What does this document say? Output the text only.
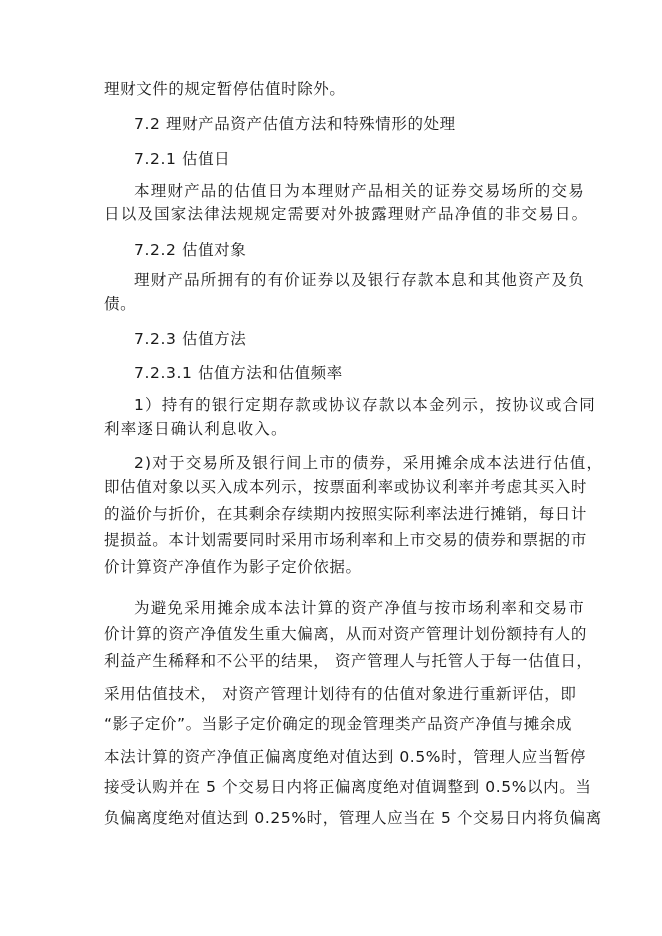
理财文件的规定暂停估值时除外。
7.2 理财产品资产估值方法和特殊情形的处理
7.2.1 估值日
本理财产品的估值日为本理财产品相关的证券交易场所的交易
日以及国家法律法规规定需要对外披露理财产品净值的非交易日。
7.2.2 估值对象
理财产品所拥有的有价证券以及银行存款本息和其他资产及负
债。
7.2.3 估值方法
7.2.3.1 估值方法和估值频率
1）持有的银行定期存款或协议存款以本金列示，按协议或合同
利率逐日确认利息收入。
2)对于交易所及银行间上市的债券，采用摊余成本法进行估值，
即估值对象以买入成本列示，按票面利率或协议利率并考虑其买入时
的溢价与折价，在其剩余存续期内按照实际利率法进行摊销，每日计
提损益。本计划需要同时采用市场利率和上市交易的债券和票据的市
价计算资产净值作为影子定价依据。
为避免采用摊余成本法计算的资产净值与按市场利率和交易市
价计算的资产净值发生重大偏离，从而对资产管理计划份额持有人的
利益产生稀释和不公平的结果， 资产管理人与托管人于每一估值日，
采用估值技术， 对资产管理计划待有的估值对象进行重新评估，即
“影子定价”。当影子定价确定的现金管理类产品资产净值与摊余成
本法计算的资产净值正偏离度绝对值达到 0.5%时，管理人应当暂停
接受认购并在 5 个交易日内将正偏离度绝对值调整到 0.5%以内。当
负偏离度绝对值达到 0.25%时，管理人应当在 5 个交易日内将负偏离
